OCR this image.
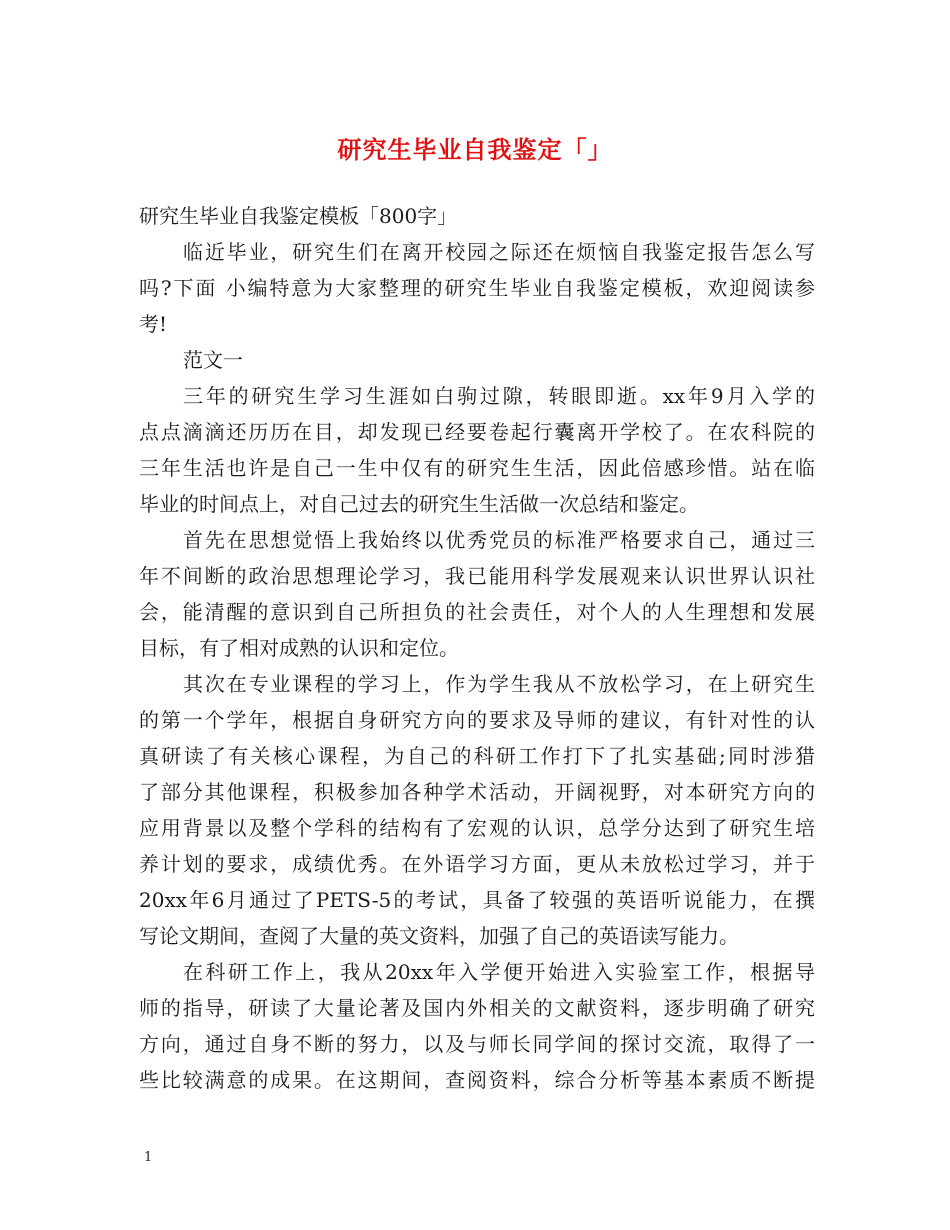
研究生毕业自我鉴定「」
研究生毕业自我鉴定模板「800字」
临近毕业，研究生们在离开校园之际还在烦恼自我鉴定报告怎么写
吗?下面 小编特意为大家整理的研究生毕业自我鉴定模板，欢迎阅读参
考!
范文一
三年的研究生学习生涯如白驹过隙，转眼即逝。xx年9月入学的
点点滴滴还历历在目，却发现已经要卷起行囊离开学校了。在农科院的
三年生活也许是自己一生中仅有的研究生生活，因此倍感珍惜。站在临
毕业的时间点上，对自己过去的研究生生活做一次总结和鉴定。
首先在思想觉悟上我始终以优秀党员的标准严格要求自己，通过三
年不间断的政治思想理论学习，我已能用科学发展观来认识世界认识社
会，能清醒的意识到自己所担负的社会责任，对个人的人生理想和发展
目标，有了相对成熟的认识和定位。
其次在专业课程的学习上，作为学生我从不放松学习，在上研究生
的第一个学年，根据自身研究方向的要求及导师的建议，有针对性的认
真研读了有关核心课程，为自己的科研工作打下了扎实基础;同时涉猎
了部分其他课程，积极参加各种学术活动，开阔视野，对本研究方向的
应用背景以及整个学科的结构有了宏观的认识，总学分达到了研究生培
养计划的要求，成绩优秀。在外语学习方面，更从未放松过学习，并于
20xx年6月通过了PETS-5的考试，具备了较强的英语听说能力，在撰
写论文期间，查阅了大量的英文资料，加强了自己的英语读写能力。
在科研工作上，我从20xx年入学便开始进入实验室工作，根据导
师的指导，研读了大量论著及国内外相关的文献资料，逐步明确了研究
方向，通过自身不断的努力，以及与师长同学间的探讨交流，取得了一
些比较满意的成果。在这期间，查阅资料，综合分析等基本素质不断提
1
